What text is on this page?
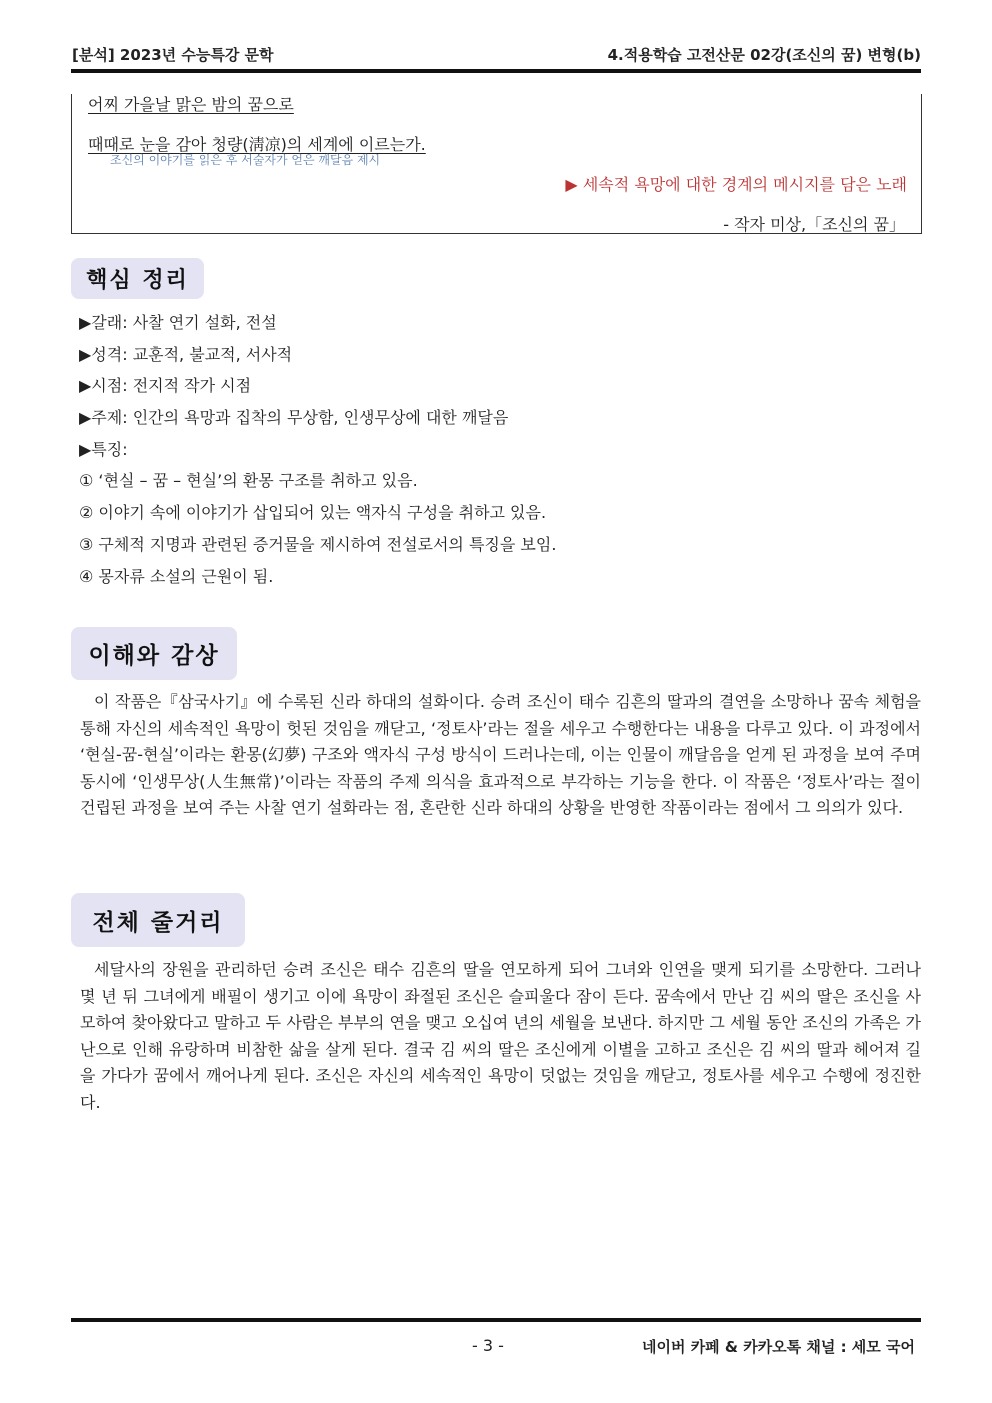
[분석] 2023년 수능특강 문학	4.적용학습 고전산문 02강(조신의 꿈) 변형(b)
어찌 가을날 맑은 밤의 꿈으로
때때로 눈을 감아 청량(淸凉)의 세계에 이르는가.
조신의 이야기를 읽은 후 서술자가 얻은 깨달음 제시
▶ 세속적 욕망에 대한 경계의 메시지를 담은 노래
- 작자 미상,「조신의 꿈」
핵심 정리
▶갈래: 사찰 연기 설화, 전설
▶성격: 교훈적, 불교적, 서사적
▶시점: 전지적 작가 시점
▶주제: 인간의 욕망과 집착의 무상함, 인생무상에 대한 깨달음
▶특징:
① ‘현실 – 꿈 – 현실’의 환몽 구조를 취하고 있음.
② 이야기 속에 이야기가 삽입되어 있는 액자식 구성을 취하고 있음.
③ 구체적 지명과 관련된 증거물을 제시하여 전설로서의 특징을 보임.
④ 몽자류 소설의 근원이 됨.
이해와 감상

이 작품은『삼국사기』에 수록된 신라 하대의 설화이다. 승려 조신이 태수 김흔의 딸과의 결연을 소망하나 꿈속 체험을 통해 자신의 세속적인 욕망이 헛된 것임을 깨닫고, ‘정토사’라는 절을 세우고 수행한다는 내용을 다루고 있다. 이 과정에서 ‘현실-꿈-현실’이라는 환몽(幻夢) 구조와 액자식 구성 방식이 드러나는데, 이는 인물이 깨달음을 얻게 된 과정을 보여 주며 동시에 ‘인생무상(人生無常)’이라는 작품의 주제 의식을 효과적으로 부각하는 기능을 한다. 이 작품은 ‘정토사’라는 절이 건립된 과정을 보여 주는 사찰 연기 설화라는 점, 혼란한 신라 하대의 상황을 반영한 작품이라는 점에서 그 의의가 있다.

전체 줄거리

세달사의 장원을 관리하던 승려 조신은 태수 김흔의 딸을 연모하게 되어 그녀와 인연을 맺게 되기를 소망한다. 그러나 몇 년 뒤 그녀에게 배필이 생기고 이에 욕망이 좌절된 조신은 슬피울다 잠이 든다. 꿈속에서 만난 김 씨의 딸은 조신을 사모하여 찾아왔다고 말하고 두 사람은 부부의 연을 맺고 오십여 년의 세월을 보낸다. 하지만 그 세월 동안 조신의 가족은 가난으로 인해 유랑하며 비참한 삶을 살게 된다. 결국 김 씨의 딸은 조신에게 이별을 고하고 조신은 김 씨의 딸과 헤어져 길을 가다가 꿈에서 깨어나게 된다. 조신은 자신의 세속적인 욕망이 덧없는 것임을 깨닫고, 정토사를 세우고 수행에 정진한다.

- 3 -	네이버 카페 & 카카오톡 채널 : 세모 국어
